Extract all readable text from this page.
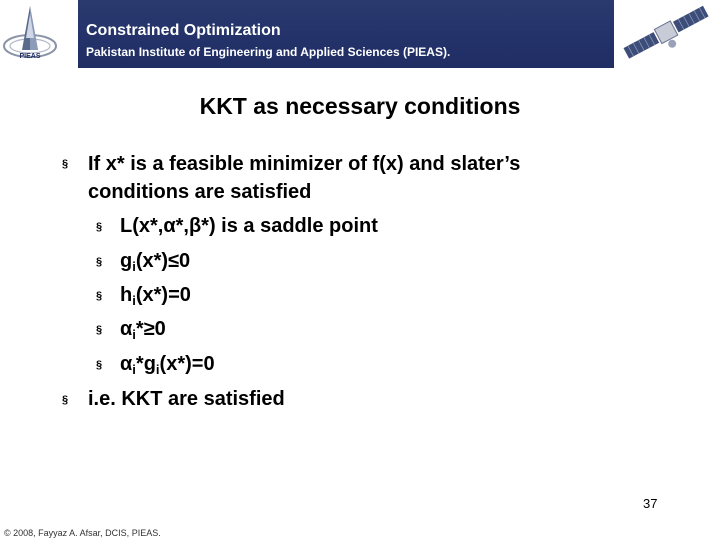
PIEAS
Constrained Optimization
Pakistan Institute of Engineering and Applied Sciences (PIEAS).
KKT as necessary conditions
§ If x* is a feasible minimizer of f(x) and slater’s
conditions are satisfied
§ L(x*,α*,β*) is a saddle point
§ $g_i(x*)\le 0$
§ $h_i(x*)=0$
§ $\alpha_i*\ge 0$
§ $\alpha_i*g_i(x*)=0$
§ i.e. KKT are satisfied
37
© 2008, Fayyaz A. Afsar, DCIS, PIEAS.
